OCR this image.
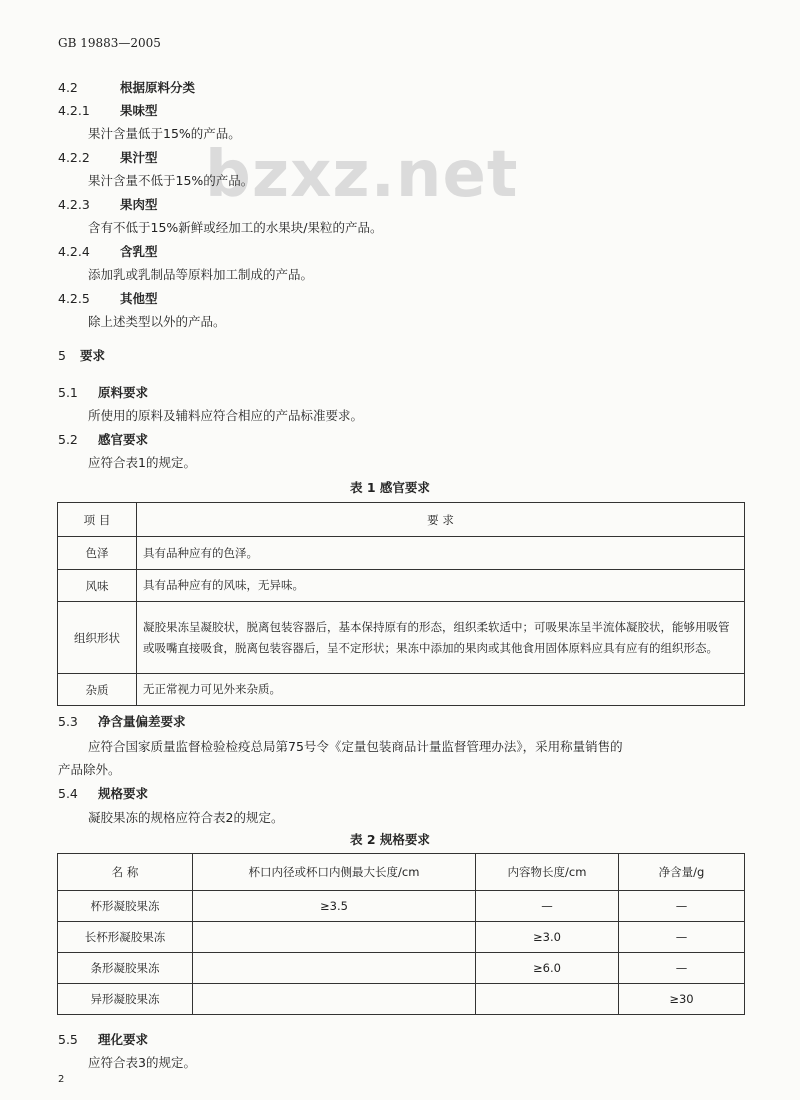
GB 19883—2005
bzxz.net
4.2	根据原料分类
4.2.1 果味型
果汁含量低于15%的产品。
4.2.2 果汁型
果汁含量不低于15%的产品。
4.2.3 果肉型
含有不低于15%新鲜或经加工的水果块/果粒的产品。
4.2.4 含乳型
添加乳或乳制品等原料加工制成的产品。
4.2.5 其他型
除上述类型以外的产品。
5 要求
5.1 原料要求
所使用的原料及辅料应符合相应的产品标准要求。
5.2 感官要求
应符合表1的规定。
表 1 感官要求
项 目	要 求
色泽	具有品种应有的色泽。
风味	具有品种应有的风味，无异味。
组织形状	凝胶果冻呈凝胶状，脱离包装容器后，基本保持原有的形态，组织柔软适中；可吸果冻呈半流体凝胶状，能够用吸管或吸嘴直接吸食，脱离包装容器后，呈不定形状；果冻中添加的果肉或其他食用固体原料应具有应有的组织形态。
杂质	无正常视力可见外来杂质。
5.3 净含量偏差要求
应符合国家质量监督检验检疫总局第75号令《定量包装商品计量监督管理办法》，采用称量销售的
产品除外。
5.4 规格要求
凝胶果冻的规格应符合表2的规定。
表 2 规格要求
名 称	杯口内径或杯口内侧最大长度/cm	内容物长度/cm	净含量/g
杯形凝胶果冻	≥3.5	—	—
长杯形凝胶果冻		≥3.0	—
条形凝胶果冻		≥6.0	—
异形凝胶果冻			≥30
5.5 理化要求
应符合表3的规定。
2
